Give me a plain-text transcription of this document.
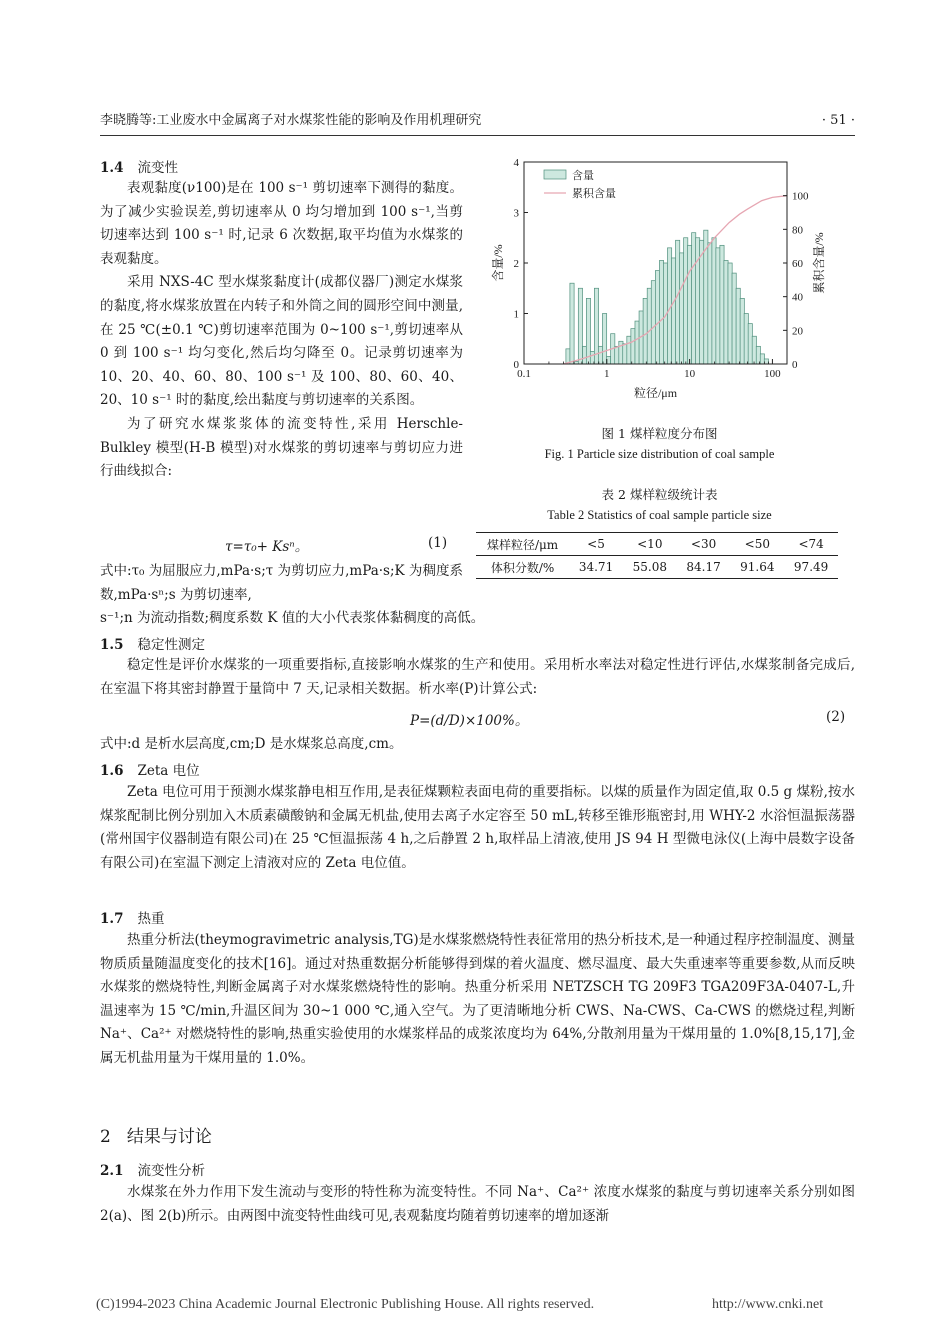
李晓腾等:工业废水中金属离子对水煤浆性能的影响及作用机理研究	· 51 ·
1.4 流变性

表观黏度(ν100)是在 100 s⁻¹ 剪切速率下测得的黏度。为了减少实验误差,剪切速率从 0 均匀增加到 100 s⁻¹,当剪切速率达到 100 s⁻¹ 时,记录 6 次数据,取平均值为水煤浆的表观黏度。

采用 NXS-4C 型水煤浆黏度计(成都仪器厂)测定水煤浆的黏度,将水煤浆放置在内转子和外筒之间的圆形空间中测量,在 25 ℃(±0.1 ℃)剪切速率范围为 0~100 s⁻¹,剪切速率从 0 到 100 s⁻¹ 均匀变化,然后均匀降至 0。记录剪切速率为 10、20、40、60、80、100 s⁻¹ 及 100、80、60、40、20、10 s⁻¹ 时的黏度,绘出黏度与剪切速率的关系图。

为了研究水煤浆浆体的流变特性,采用 Herschle-Bulkley 模型(H-B 模型)对水煤浆的剪切速率与剪切应力进行曲线拟合:

τ=τ₀+ Ksⁿ。	(1)
式中:τ₀ 为屈服应力,mPa·s;τ 为剪切应力,mPa·s;K 为稠度系数,mPa·sⁿ;s 为剪切速率,
s⁻¹;n 为流动指数;稠度系数 K 值的大小代表浆体黏稠度的高低。
0.1	1	10	100
0
1
2
3
4
0
20
40
60
80
100
粒径/μm
含量/%	累积含量/%
含量
累积含量
图 1 煤样粒度分布图
Fig. 1 Particle size distribution of coal sample
表 2 煤样粒级统计表
Table 2 Statistics of coal sample particle size
煤样粒径/μm	<5	<10	<30	<50	<74
体积分数/%	34.71	55.08	84.17	91.64	97.49
1.5 稳定性测定

稳定性是评价水煤浆的一项重要指标,直接影响水煤浆的生产和使用。采用析水率法对稳定性进行评估,水煤浆制备完成后,在室温下将其密封静置于量筒中 7 天,记录相关数据。析水率(P)计算公式:

P=(d/D)×100%。	(2)
式中:d 是析水层高度,cm;D 是水煤浆总高度,cm。
1.6 Zeta 电位

Zeta 电位可用于预测水煤浆静电相互作用,是表征煤颗粒表面电荷的重要指标。以煤的质量作为固定值,取 0.5 g 煤粉,按水煤浆配制比例分别加入木质素磺酸钠和金属无机盐,使用去离子水定容至 50 mL,转移至锥形瓶密封,用 WHY-2 水浴恒温振荡器(常州国宇仪器制造有限公司)在 25 ℃恒温振荡 4 h,之后静置 2 h,取样品上清液,使用 JS 94 H 型微电泳仪(上海中晨数字设备有限公司)在室温下测定上清液对应的 Zeta 电位值。

1.7 热重

热重分析法(theymogravimetric analysis,TG)是水煤浆燃烧特性表征常用的热分析技术,是一种通过程序控制温度、测量物质质量随温度变化的技术[16]。通过对热重数据分析能够得到煤的着火温度、燃尽温度、最大失重速率等重要参数,从而反映水煤浆的燃烧特性,判断金属离子对水煤浆燃烧特性的影响。热重分析采用 NETZSCH TG 209F3 TGA209F3A-0407-L,升温速率为 15 ℃/min,升温区间为 30~1 000 ℃,通入空气。为了更清晰地分析 CWS、Na-CWS、Ca-CWS 的燃烧过程,判断 Na⁺、Ca²⁺ 对燃烧特性的影响,热重实验使用的水煤浆样品的成浆浓度均为 64%,分散剂用量为干煤用量的 1.0%[8,15,17],金属无机盐用量为干煤用量的 1.0%。

2 结果与讨论
2.1 流变性分析

水煤浆在外力作用下发生流动与变形的特性称为流变特性。不同 Na⁺、Ca²⁺ 浓度水煤浆的黏度与剪切速率关系分别如图 2(a)、图 2(b)所示。由两图中流变特性曲线可见,表观黏度均随着剪切速率的增加逐渐

(C)1994-2023 China Academic Journal Electronic Publishing House. All rights reserved.	http://www.cnki.net
